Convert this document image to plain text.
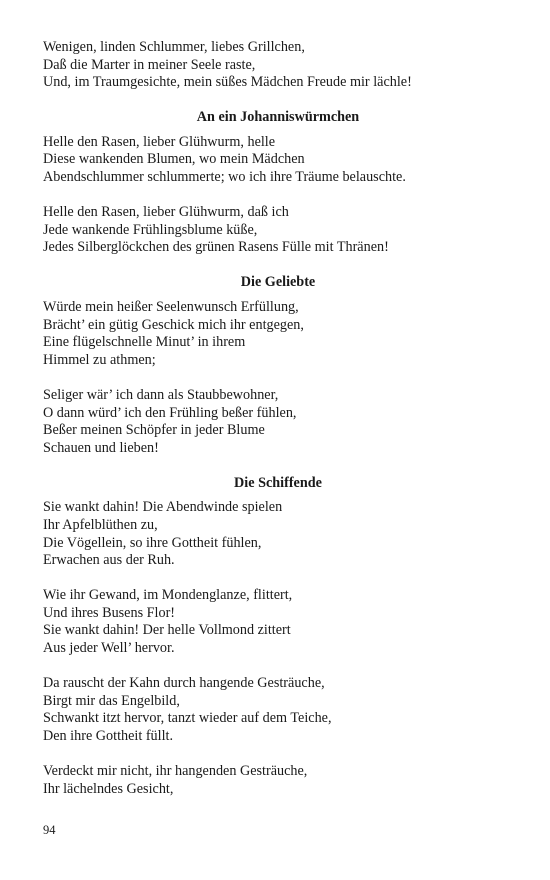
Wenigen, linden Schlummer, liebes Grillchen,
Daß die Marter in meiner Seele raste,
Und, im Traumgesichte, mein süßes Mädchen Freude mir lächle!
An ein Johanniswürmchen
Helle den Rasen, lieber Glühwurm, helle
Diese wankenden Blumen, wo mein Mädchen
Abendschlummer schlummerte; wo ich ihre Träume belauschte.
Helle den Rasen, lieber Glühwurm, daß ich
Jede wankende Frühlingsblume küße,
Jedes Silberglöckchen des grünen Rasens Fülle mit Thränen!
Die Geliebte
Würde mein heißer Seelenwunsch Erfüllung,
Brächt’ ein gütig Geschick mich ihr entgegen,
Eine flügelschnelle Minut’ in ihrem
Himmel zu athmen;
Seliger wär’ ich dann als Staubbewohner,
O dann würd’ ich den Frühling beßer fühlen,
Beßer meinen Schöpfer in jeder Blume
Schauen und lieben!
Die Schiffende
Sie wankt dahin! Die Abendwinde spielen
Ihr Apfelblüthen zu,
Die Vögellein, so ihre Gottheit fühlen,
Erwachen aus der Ruh.
Wie ihr Gewand, im Mondenglanze, flittert,
Und ihres Busens Flor!
Sie wankt dahin! Der helle Vollmond zittert
Aus jeder Well’ hervor.
Da rauscht der Kahn durch hangende Gesträuche,
Birgt mir das Engelbild,
Schwankt itzt hervor, tanzt wieder auf dem Teiche,
Den ihre Gottheit füllt.
Verdeckt mir nicht, ihr hangenden Gesträuche,
Ihr lächelndes Gesicht,
94
